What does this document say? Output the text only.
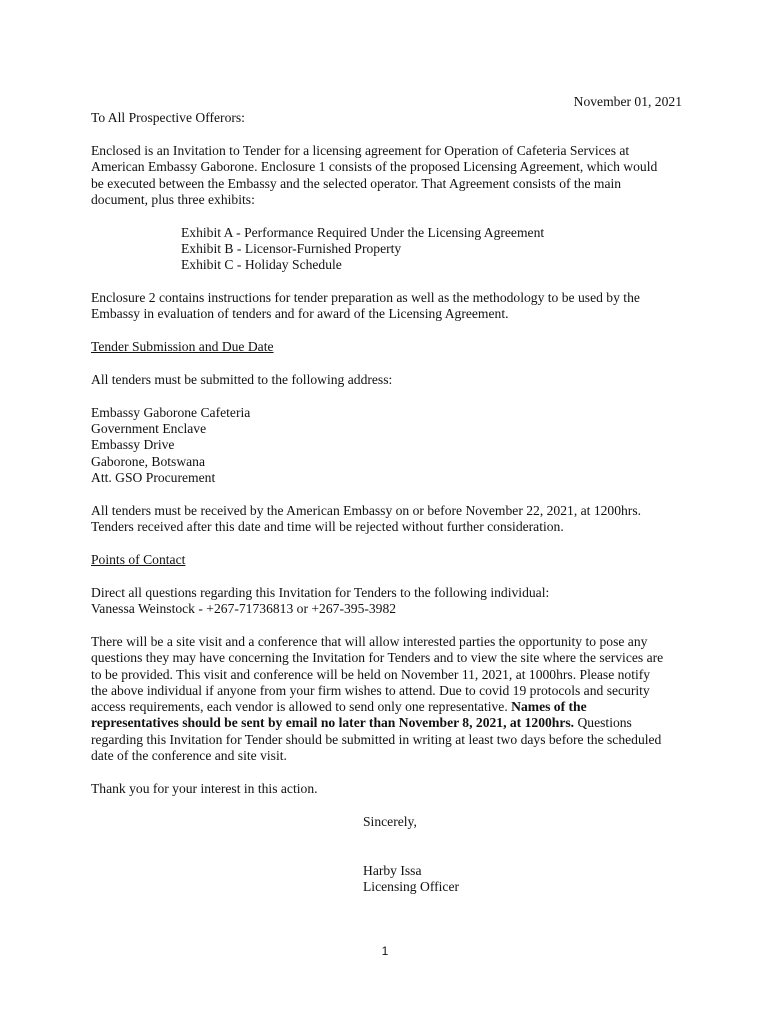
November 01, 2021
To All Prospective Offerors:
Enclosed is an Invitation to Tender for a licensing agreement for Operation of Cafeteria Services at
American Embassy Gaborone. Enclosure 1 consists of the proposed Licensing Agreement, which would
be executed between the Embassy and the selected operator. That Agreement consists of the main
document, plus three exhibits:
Exhibit A - Performance Required Under the Licensing Agreement
Exhibit B - Licensor-Furnished Property
Exhibit C - Holiday Schedule
Enclosure 2 contains instructions for tender preparation as well as the methodology to be used by the
Embassy in evaluation of tenders and for award of the Licensing Agreement.
Tender Submission and Due Date
All tenders must be submitted to the following address:
Embassy Gaborone Cafeteria
Government Enclave
Embassy Drive
Gaborone, Botswana
Att. GSO Procurement
All tenders must be received by the American Embassy on or before November 22, 2021, at 1200hrs.
Tenders received after this date and time will be rejected without further consideration.
Points of Contact
Direct all questions regarding this Invitation for Tenders to the following individual:
Vanessa Weinstock - +267-71736813 or +267-395-3982
There will be a site visit and a conference that will allow interested parties the opportunity to pose any
questions they may have concerning the Invitation for Tenders and to view the site where the services are
to be provided. This visit and conference will be held on November 11, 2021, at 1000hrs. Please notify
the above individual if anyone from your firm wishes to attend. Due to covid 19 protocols and security
access requirements, each vendor is allowed to send only one representative. Names of the
representatives should be sent by email no later than November 8, 2021, at 1200hrs. Questions
regarding this Invitation for Tender should be submitted in writing at least two days before the scheduled
date of the conference and site visit.
Thank you for your interest in this action.
Sincerely,
Harby Issa
Licensing Officer
1
